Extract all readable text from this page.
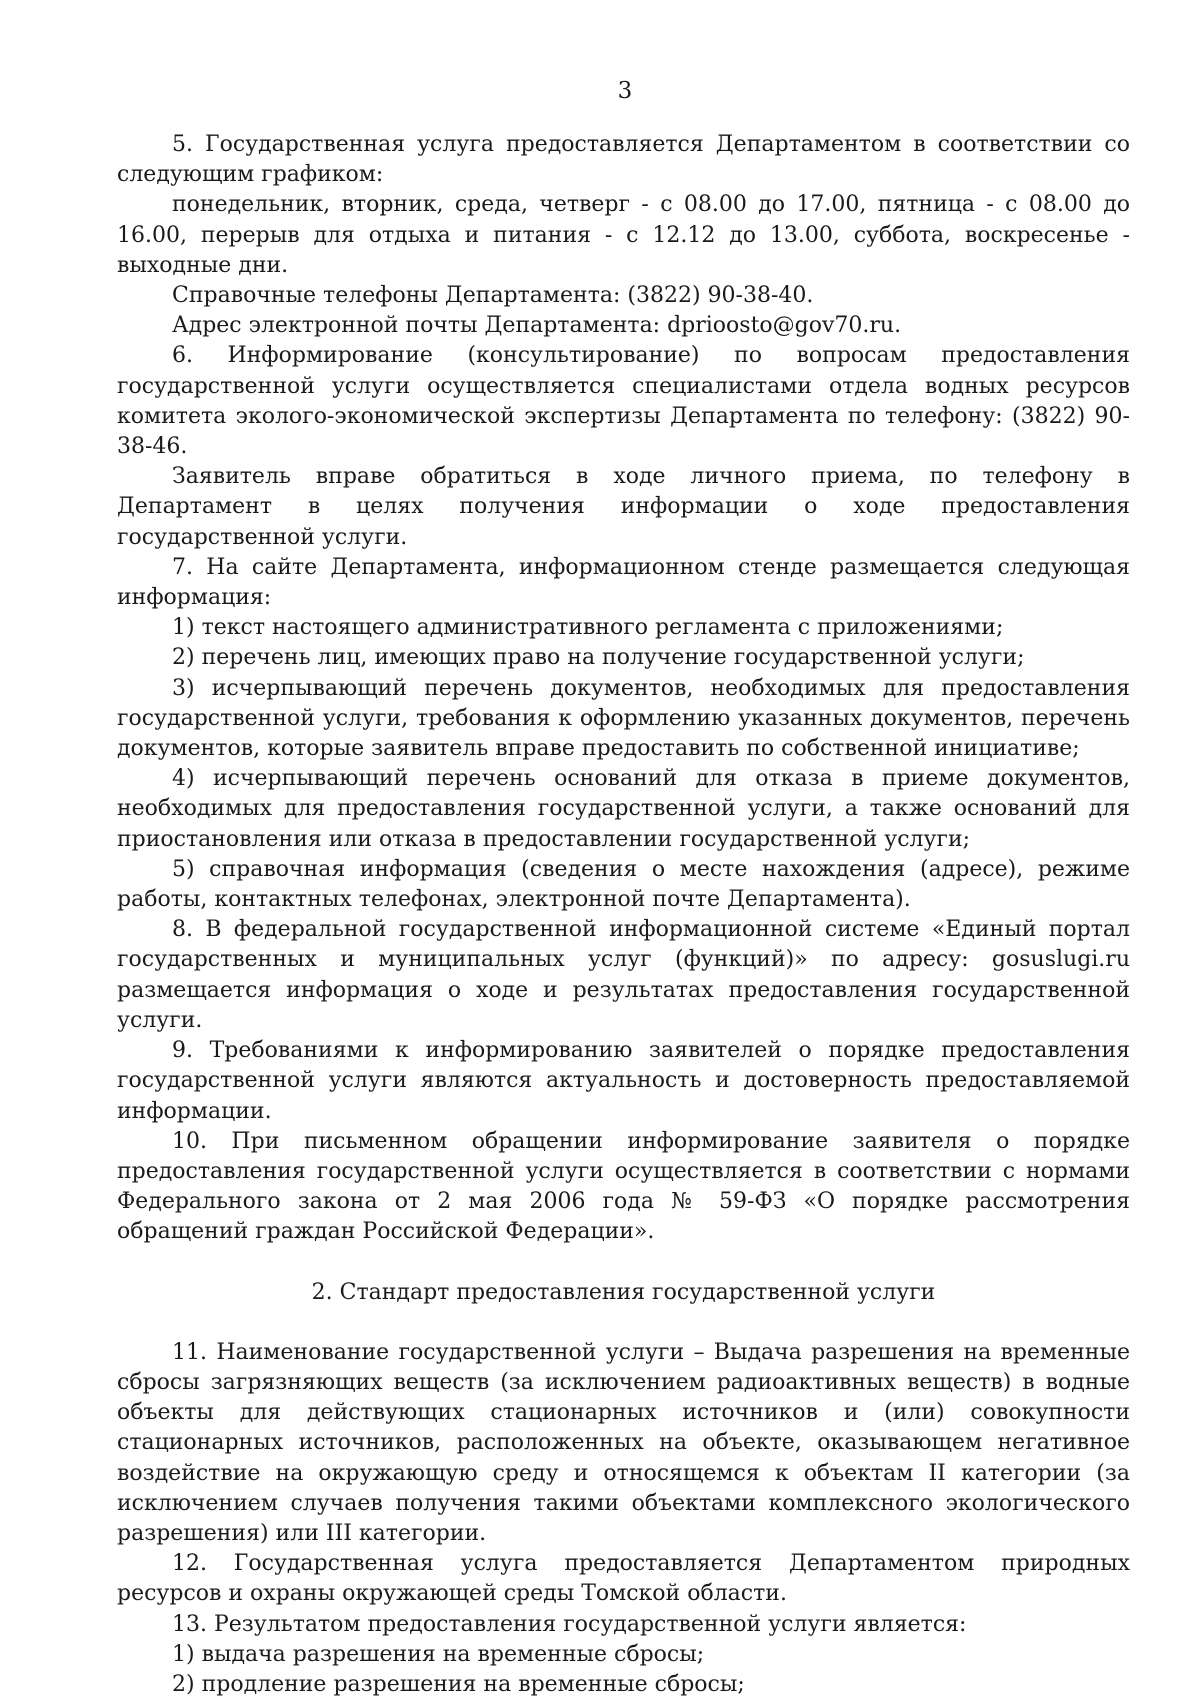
3

5. Государственная услуга предоставляется Департаментом в соответствии со следующим графиком:

понедельник, вторник, среда, четверг - с 08.00 до 17.00, пятница - с 08.00 до 16.00, перерыв для отдыха и питания - с 12.12 до 13.00, суббота, воскресенье - выходные дни.

Справочные телефоны Департамента: (3822) 90-38-40.

Адрес электронной почты Департамента: dprioosto@gov70.ru.

6. Информирование (консультирование) по вопросам предоставления государственной услуги осуществляется специалистами отдела водных ресурсов комитета эколого-экономической экспертизы Департамента по телефону: (3822) 90-38-46.

Заявитель вправе обратиться в ходе личного приема, по телефону в Департамент в целях получения информации о ходе предоставления государственной услуги.

7. На сайте Департамента, информационном стенде размещается следующая информация:

1) текст настоящего административного регламента с приложениями;

2) перечень лиц, имеющих право на получение государственной услуги;

3) исчерпывающий перечень документов, необходимых для предоставления государственной услуги, требования к оформлению указанных документов, перечень документов, которые заявитель вправе предоставить по собственной инициативе;

4) исчерпывающий перечень оснований для отказа в приеме документов, необходимых для предоставления государственной услуги, а также оснований для приостановления или отказа в предоставлении государственной услуги;

5) справочная информация (сведения о месте нахождения (адресе), режиме работы, контактных телефонах, электронной почте Департамента).

8. В федеральной государственной информационной системе «Единый портал государственных и муниципальных услуг (функций)» по адресу: gosuslugi.ru размещается информация о ходе и результатах предоставления государственной услуги.

9. Требованиями к информированию заявителей о порядке предоставления государственной услуги являются актуальность и достоверность предоставляемой информации.

10. При письменном обращении информирование заявителя о порядке предоставления государственной услуги осуществляется в соответствии с нормами Федерального закона от 2 мая 2006 года № 59-ФЗ «О порядке рассмотрения обращений граждан Российской Федерации».

2. Стандарт предоставления государственной услуги

11. Наименование государственной услуги – Выдача разрешения на временные сбросы загрязняющих веществ (за исключением радиоактивных веществ) в водные объекты для действующих стационарных источников и (или) совокупности стационарных источников, расположенных на объекте, оказывающем негативное воздействие на окружающую среду и относящемся к объектам II категории (за исключением случаев получения такими объектами комплексного экологического разрешения) или III категории.

12. Государственная услуга предоставляется Департаментом природных ресурсов и охраны окружающей среды Томской области.

13. Результатом предоставления государственной услуги является:

1) выдача разрешения на временные сбросы;

2) продление разрешения на временные сбросы;
